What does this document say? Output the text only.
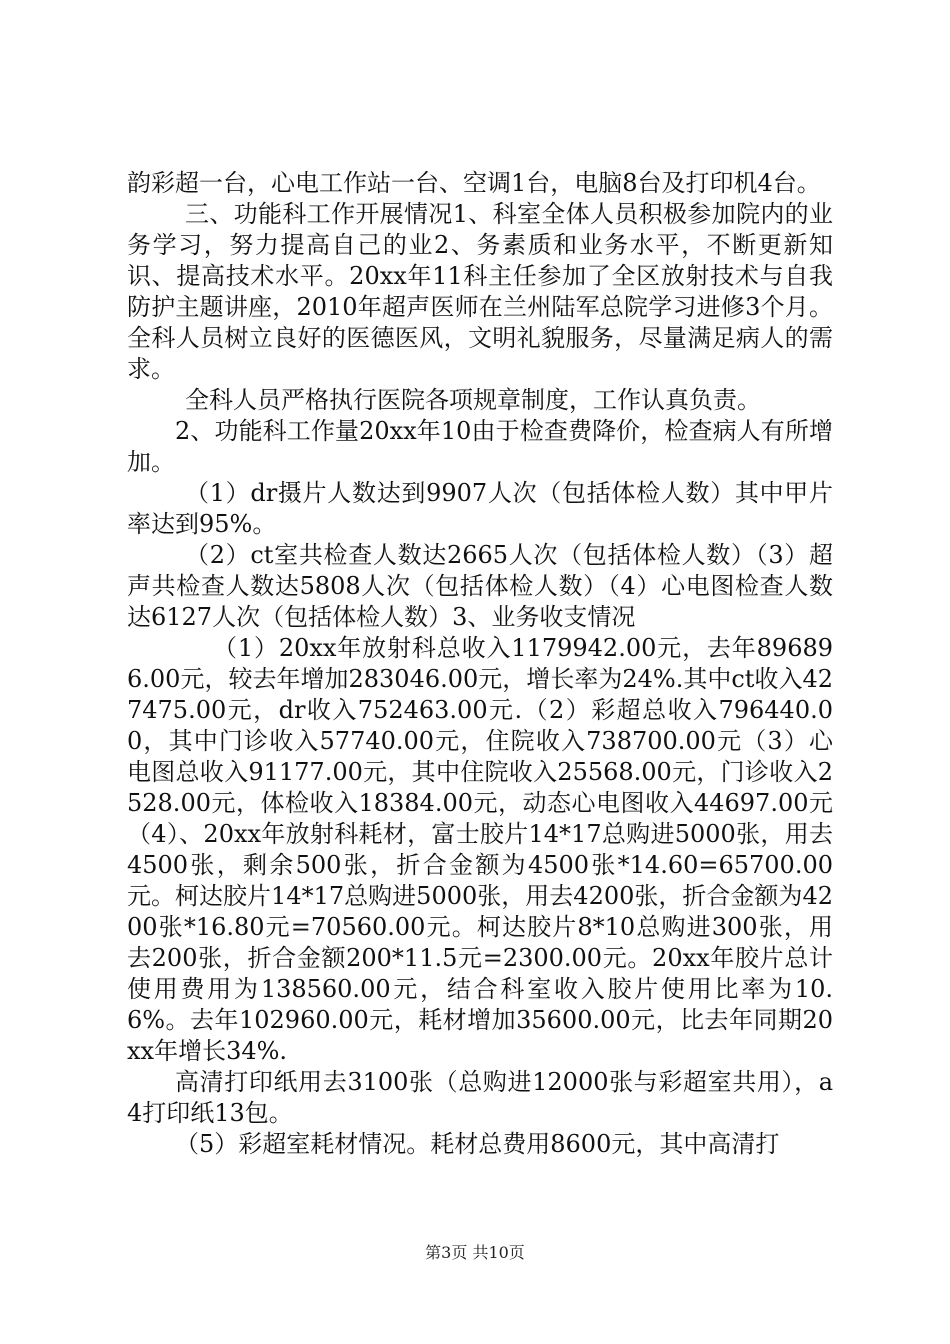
韵彩超一台，心电工作站一台、空调1台，电脑8台及打印机4台。

三、功能科工作开展情况1、科室全体人员积极参加院内的业务学习，努力提高自己的业2、务素质和业务水平，不断更新知识、提高技术水平。20xx年11科主任参加了全区放射技术与自我防护主题讲座，2010年超声医师在兰州陆军总院学习进修3个月。全科人员树立良好的医德医风，文明礼貌服务，尽量满足病人的需求。

全科人员严格执行医院各项规章制度，工作认真负责。

2、功能科工作量20xx年10由于检查费降价，检查病人有所增加。

（1）dr摄片人数达到9907人次（包括体检人数）其中甲片率达到95%。

（2）ct室共检查人数达2665人次（包括体检人数）（3）超声共检查人数达5808人次（包括体检人数）（4）心电图检查人数达6127人次（包括体检人数）3、业务收支情况

（1）20xx年放射科总收入1179942.00元，去年896896.00元，较去年增加283046.00元，增长率为24%.其中ct收入427475.00元，dr收入752463.00元.（2）彩超总收入796440.00，其中门诊收入57740.00元，住院收入738700.00元（3）心电图总收入91177.00元，其中住院收入25568.00元，门诊收入2528.00元，体检收入18384.00元，动态心电图收入44697.00元（4）、20xx年放射科耗材，富士胶片14*17总购进5000张，用去4500张，剩余500张，折合金额为4500张*14.60=65700.00元。柯达胶片14*17总购进5000张，用去4200张，折合金额为4200张*16.80元=70560.00元。柯达胶片8*10总购进300张，用去200张，折合金额200*11.5元=2300.00元。20xx年胶片总计使用费用为138560.00元，结合科室收入胶片使用比率为10.6%。去年102960.00元，耗材增加35600.00元，比去年同期20xx年增长34%.

高清打印纸用去3100张（总购进12000张与彩超室共用），a4打印纸13包。

（5）彩超室耗材情况。耗材总费用8600元，其中高清打

第3页 共10页
